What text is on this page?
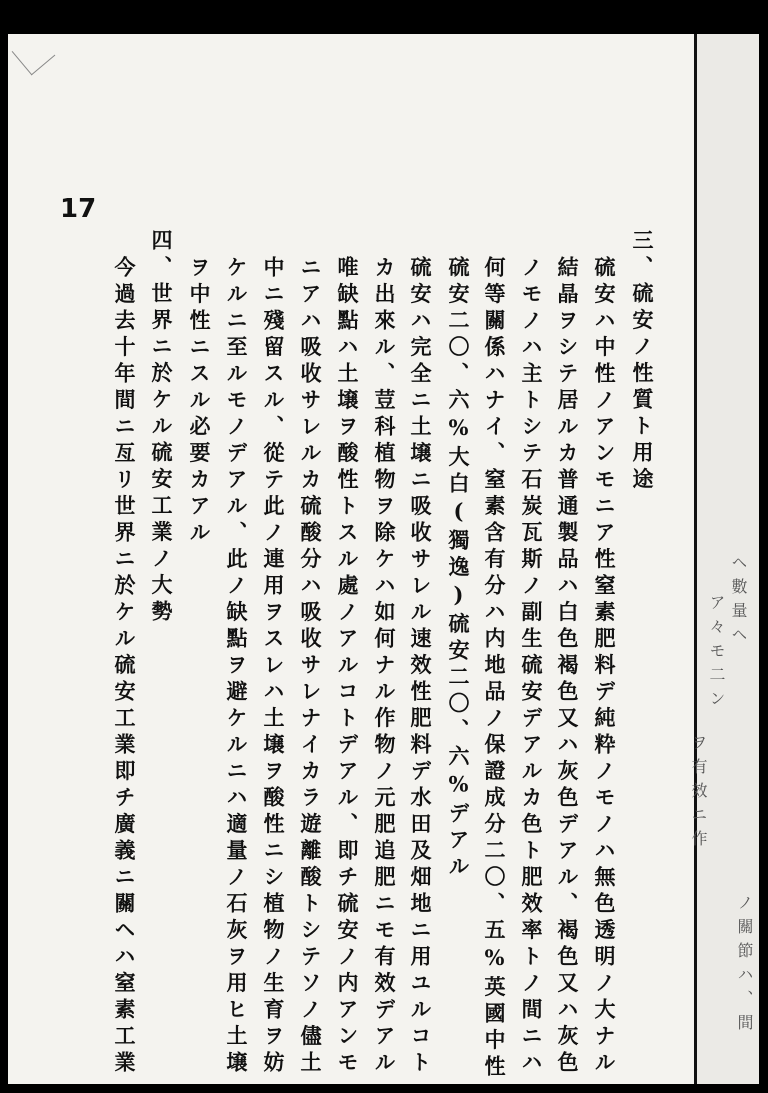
17
三、硫安ノ性質ト用途
硫安ハ中性ノアンモニア性窒素肥料デ純粋ノモノハ無色透明ノ大ナル
結晶ヲシテ居ルカ普通製品ハ白色褐色又ハ灰色デアル、褐色又ハ灰色
ノモノハ主トシテ石炭瓦斯ノ副生硫安デアルカ色ト肥效率トノ間ニハ
何等關係ハナイ、窒素含有分ハ内地品ノ保證成分二〇、五%英國中性
硫安二〇、六%大白(獨逸)硫安二〇、六%デアル
硫安ハ完全ニ土壌ニ吸收サレル速效性肥料デ水田及畑地ニ用ユルコト
カ出來ル、荳科植物ヲ除ケハ如何ナル作物ノ元肥追肥ニモ有效デアル
唯缺點ハ土壌ヲ酸性トスル處ノアルコトデアル、即チ硫安ノ内アンモ
ニアハ吸收サレルカ硫酸分ハ吸收サレナイカラ遊離酸トシテソノ儘土
中ニ殘留スル、從テ此ノ連用ヲスレハ土壌ヲ酸性ニシ植物ノ生育ヲ妨
ケルニ至ルモノデアル、此ノ缺點ヲ避ケルニハ適量ノ石灰ヲ用ヒ土壌
ヲ中性ニスル必要カアル
四、世界ニ於ケル硫安工業ノ大勢
今過去十年間ニ亙リ世界ニ於ケル硫安工業即チ廣義ニ關ヘハ窒素工業	ヘ數量ヘ
ア々モ二ン
ヲ有效ニ作
ノ關節ハ、間
